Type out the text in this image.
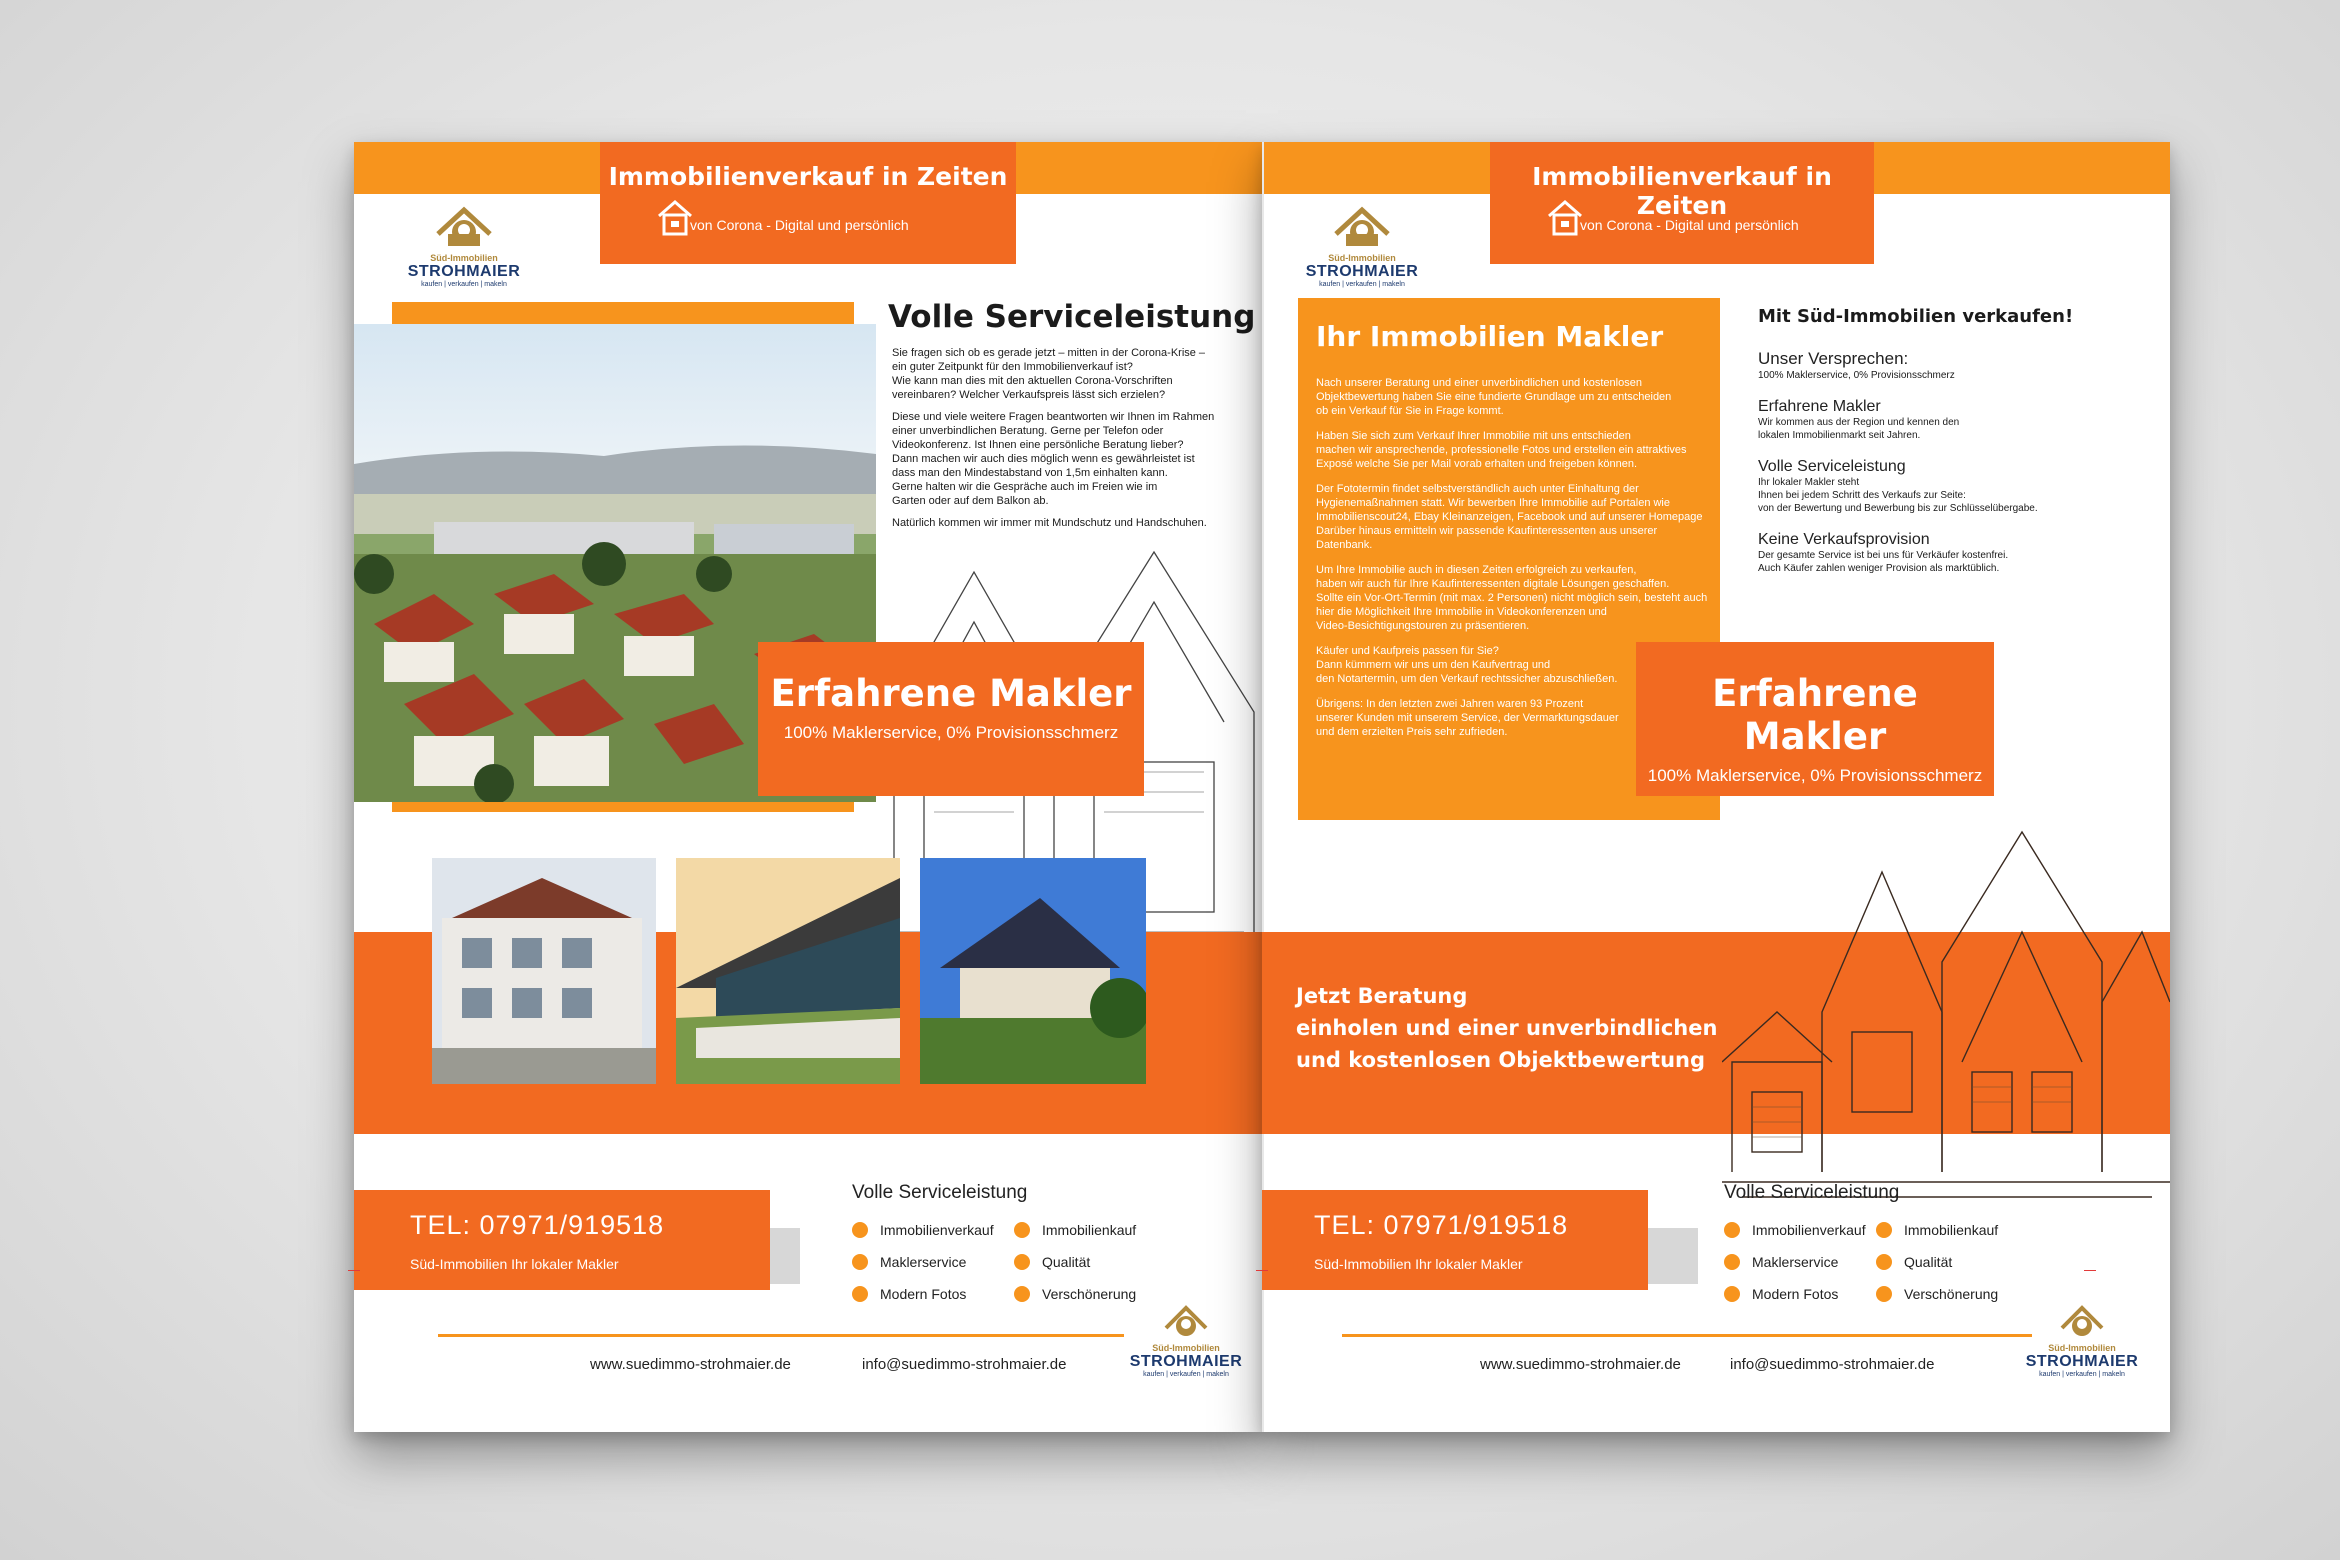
Immobilienverkauf in Zeiten
von Corona - Digital und persönlich
Süd-Immobilien
STROHMAIER
kaufen | verkaufen | makeln
Volle Serviceleistung
Sie fragen sich ob es gerade jetzt – mitten in der Corona-Krise –
ein guter Zeitpunkt für den Immobilienverkauf ist?
Wie kann man dies mit den aktuellen Corona-Vorschriften
vereinbaren? Welcher Verkaufspreis lässt sich erzielen?
Diese und viele weitere Fragen beantworten wir Ihnen im Rahmen
einer unverbindlichen Beratung. Gerne per Telefon oder
Videokonferenz. Ist Ihnen eine persönliche Beratung lieber?
Dann machen wir auch dies möglich wenn es gewährleistet ist
dass man den Mindestabstand von 1,5m einhalten kann.
Gerne halten wir die Gespräche auch im Freien wie im
Garten oder auf dem Balkon ab.
Natürlich kommen wir immer mit Mundschutz und Handschuhen.
Erfahrene Makler
100% Maklerservice, 0% Provisionsschmerz
TEL: 07971/919518
Süd-Immobilien Ihr lokaler Makler
Volle Serviceleistung
Immobilienverkauf
Maklerservice
Modern Fotos
Immobilienkauf
Qualität
Verschönerung
www.suedimmo-strohmaier.de	info@suedimmo-strohmaier.de
Süd-Immobilien
STROHMAIER
kaufen | verkaufen | makeln
Immobilienverkauf in Zeiten
von Corona - Digital und persönlich
Süd-Immobilien
STROHMAIER
kaufen | verkaufen | makeln
Ihr Immobilien Makler
Nach unserer Beratung und einer unverbindlichen und kostenlosen
Objektbewertung haben Sie eine fundierte Grundlage um zu entscheiden
ob ein Verkauf für Sie in Frage kommt.
Haben Sie sich zum Verkauf Ihrer Immobilie mit uns entschieden
machen wir ansprechende, professionelle Fotos und erstellen ein attraktives
Exposé welche Sie per Mail vorab erhalten und freigeben können.
Der Fototermin findet selbstverständlich auch unter Einhaltung der
Hygienemaßnahmen statt. Wir bewerben Ihre Immobilie auf Portalen wie
Immobilienscout24, Ebay Kleinanzeigen, Facebook und auf unserer Homepage
Darüber hinaus ermitteln wir passende Kaufinteressenten aus unserer Datenbank.
Um Ihre Immobilie auch in diesen Zeiten erfolgreich zu verkaufen,
haben wir auch für Ihre Kaufinteressenten digitale Lösungen geschaffen.
Sollte ein Vor-Ort-Termin (mit max. 2 Personen) nicht möglich sein, besteht auch
hier die Möglichkeit Ihre Immobilie in Videokonferenzen und
Video-Besichtigungstouren zu präsentieren.
Käufer und Kaufpreis passen für Sie?
Dann kümmern wir uns um den Kaufvertrag und
den Notartermin, um den Verkauf rechtssicher abzuschließen.
Übrigens: In den letzten zwei Jahren waren 93 Prozent
unserer Kunden mit unserem Service, der Vermarktungsdauer
und dem erzielten Preis sehr zufrieden.
Mit Süd-Immobilien verkaufen!
Unser Versprechen:
100% Maklerservice, 0% Provisionsschmerz
Erfahrene Makler
Wir kommen aus der Region und kennen den
lokalen Immobilienmarkt seit Jahren.
Volle Serviceleistung
Ihr lokaler Makler steht
Ihnen bei jedem Schritt des Verkaufs zur Seite:
von der Bewertung und Bewerbung bis zur Schlüsselübergabe.
Keine Verkaufsprovision
Der gesamte Service ist bei uns für Verkäufer kostenfrei.
Auch Käufer zahlen weniger Provision als marktüblich.
Erfahrene Makler
100% Maklerservice, 0% Provisionsschmerz
Jetzt Beratung
einholen und einer unverbindlichen
und kostenlosen Objektbewertung
TEL: 07971/919518
Süd-Immobilien Ihr lokaler Makler
Volle Serviceleistung
Immobilienverkauf
Maklerservice
Modern Fotos
Immobilienkauf
Qualität
Verschönerung
www.suedimmo-strohmaier.de	info@suedimmo-strohmaier.de
Süd-Immobilien
STROHMAIER
kaufen | verkaufen | makeln
